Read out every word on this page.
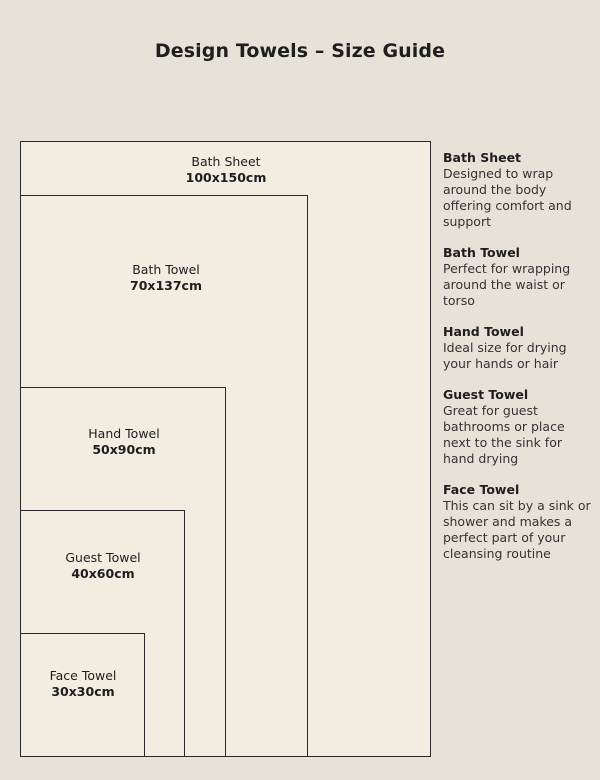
Design Towels – Size Guide
Bath Sheet
100x150cm
Bath Towel
70x137cm
Hand Towel
50x90cm
Guest Towel
40x60cm
Face Towel
30x30cm
Bath Sheet
Designed to wrap around the body offering comfort and support
Bath Towel
Perfect for wrapping around the waist or torso
Hand Towel
Ideal size for drying your hands or hair
Guest Towel
Great for guest bathrooms or place next to the sink for hand drying
Face Towel
This can sit by a sink or shower and makes a perfect part of your cleansing routine
